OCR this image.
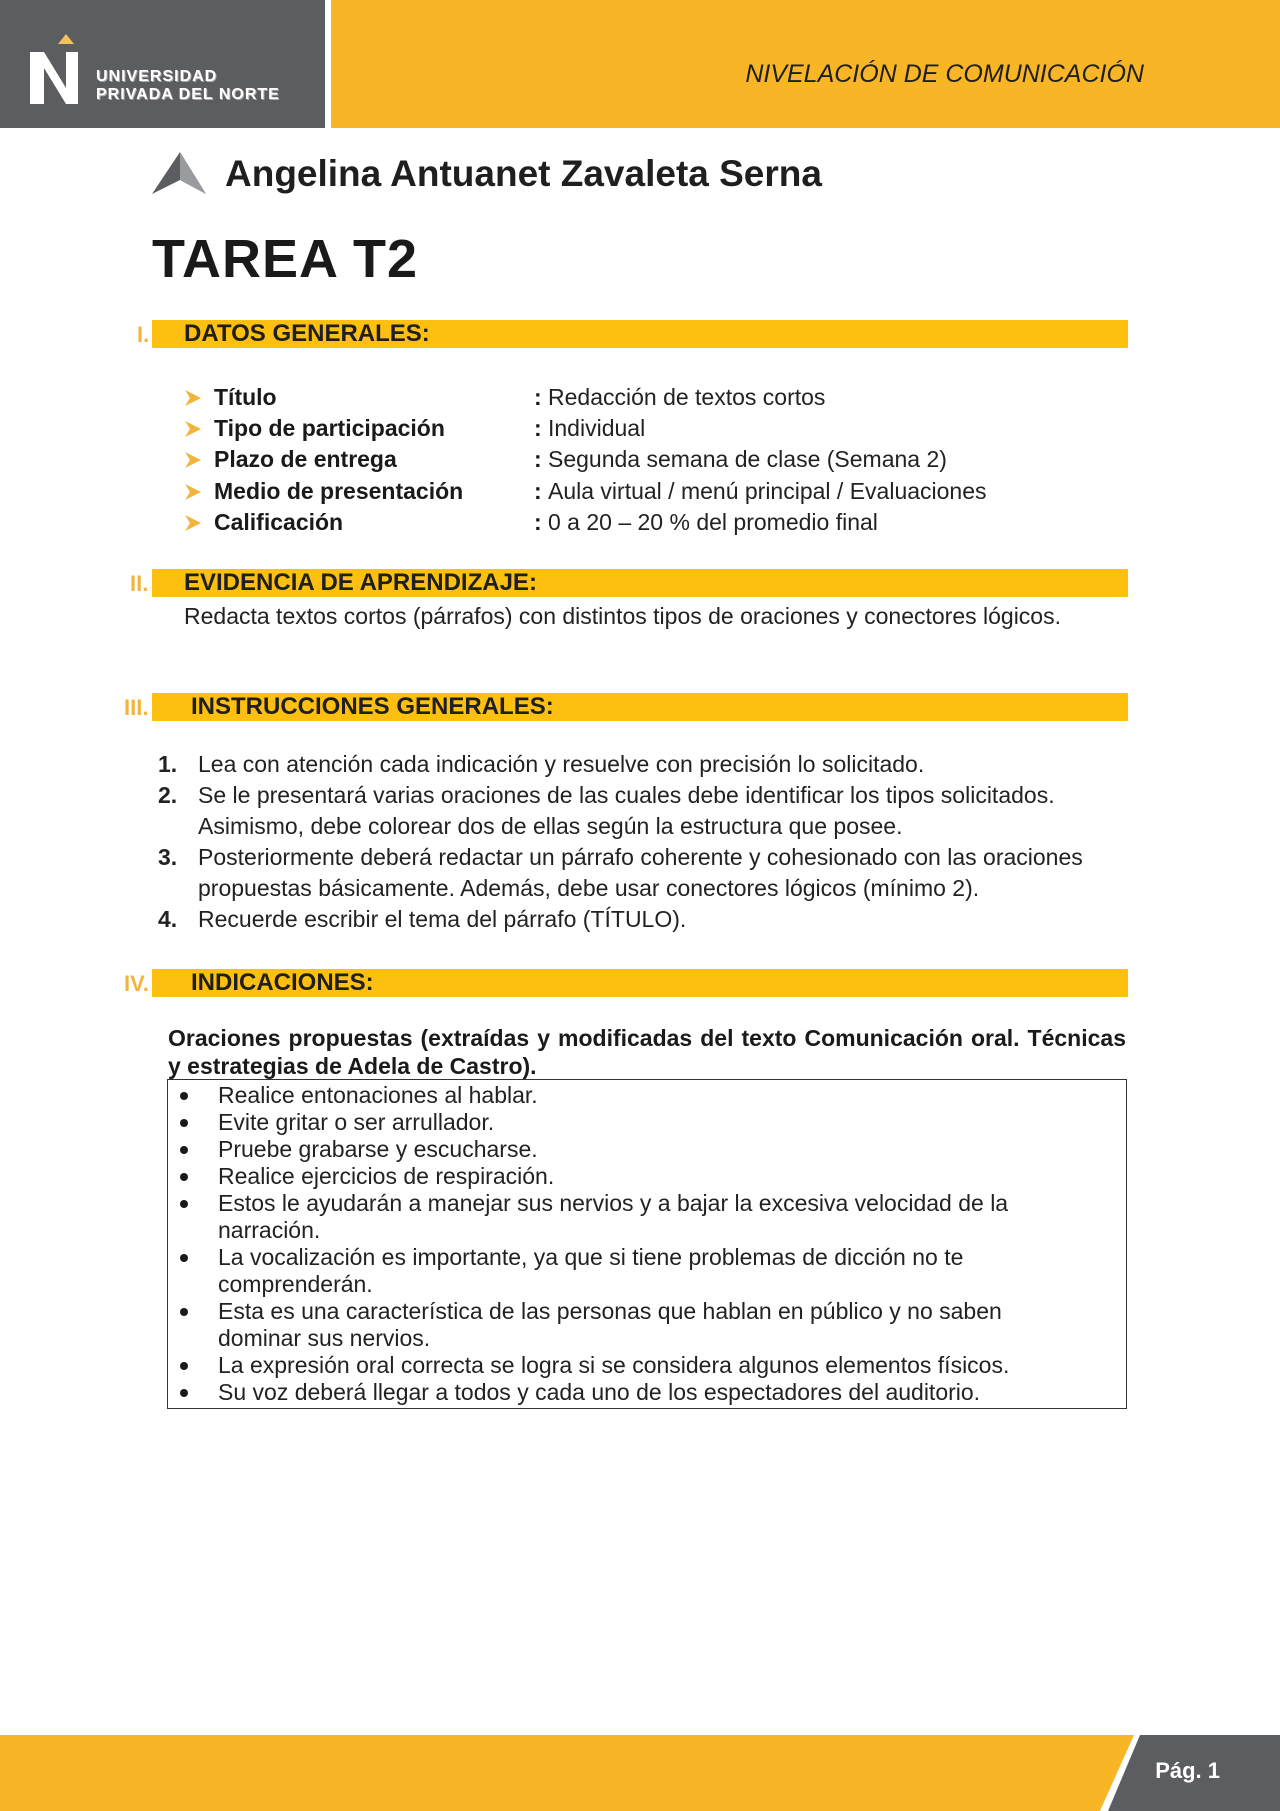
UNIVERSIDAD
PRIVADA DEL NORTE
NIVELACIÓN DE COMUNICACIÓN
Angelina Antuanet Zavaleta Serna
TAREA T2
I. DATOS GENERALES:
Título	: Redacción de textos cortos
Tipo de participación	: Individual
Plazo de entrega	: Segunda semana de clase (Semana 2)
Medio de presentación	: Aula virtual / menú principal / Evaluaciones
Calificación	: 0 a 20 – 20 % del promedio final
II. EVIDENCIA DE APRENDIZAJE:
Redacta textos cortos (párrafos) con distintos tipos de oraciones y conectores lógicos.
III. INSTRUCCIONES GENERALES:
1. Lea con atención cada indicación y resuelve con precisión lo solicitado.
2. Se le presentará varias oraciones de las cuales debe identificar los tipos solicitados. Asimismo, debe colorear dos de ellas según la estructura que posee.
3. Posteriormente deberá redactar un párrafo coherente y cohesionado con las oraciones propuestas básicamente. Además, debe usar conectores lógicos (mínimo 2).
4. Recuerde escribir el tema del párrafo (TÍTULO).
IV. INDICACIONES:
Oraciones propuestas (extraídas y modificadas del texto Comunicación oral. Técnicas y estrategias de Adela de Castro).
Realice entonaciones al hablar.
Evite gritar o ser arrullador.
Pruebe grabarse y escucharse.
Realice ejercicios de respiración.
Estos le ayudarán a manejar sus nervios y a bajar la excesiva velocidad de la narración.
La vocalización es importante, ya que si tiene problemas de dicción no te comprenderán.
Esta es una característica de las personas que hablan en público y no saben dominar sus nervios.
La expresión oral correcta se logra si se considera algunos elementos físicos.
Su voz deberá llegar a todos y cada uno de los espectadores del auditorio.
Pág. 1
